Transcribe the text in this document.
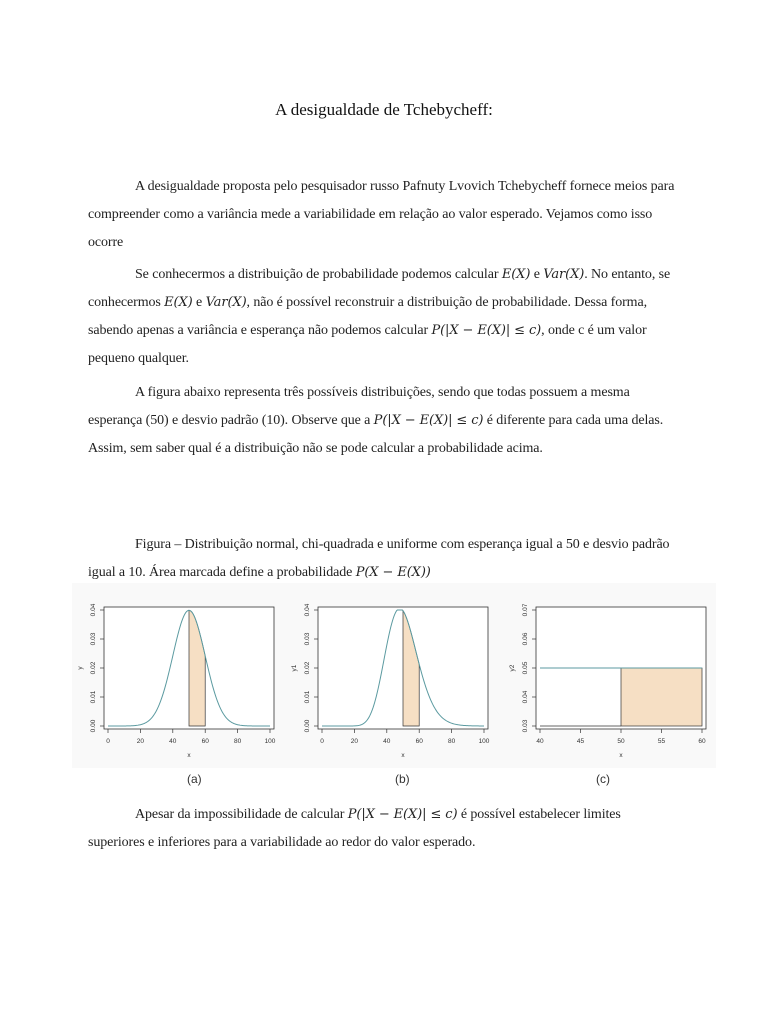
A desigualdade de Tchebycheff:

A desigualdade proposta pelo pesquisador russo Pafnuty Lvovich Tchebycheff fornece meios para compreender como a variância mede a variabilidade em relação ao valor esperado. Vejamos como isso ocorre

Se conhecermos a distribuição de probabilidade podemos calcular E(X) e Var(X). No entanto, se conhecermos E(X) e Var(X), não é possível reconstruir a distribuição de probabilidade. Dessa forma, sabendo apenas a variância e esperança não podemos calcular P(|X − E(X)| ≤ c), onde c é um valor pequeno qualquer.

A figura abaixo representa três possíveis distribuições, sendo que todas possuem a mesma esperança (50) e desvio padrão (10). Observe que a P(|X − E(X)| ≤ c) é diferente para cada uma delas. Assim, sem saber qual é a distribuição não se pode calcular a probabilidade acima.

Figura – Distribuição normal, chi-quadrada e uniforme com esperança igual a 50 e desvio padrão igual a 10. Área marcada define a probabilidade P(X − E(X))

0	20	40	60	80	100
0.00
0.01
0.02
0.03
0.04
x
y
0	20	40	60	80	100
0.00
0.01
0.02
0.03
0.04
x
y1
40	45	50	55	60
0.03
0.04
0.05
0.06
0.07
x
y2
(a)	(b)	(c)

Apesar da impossibilidade de calcular P(|X − E(X)| ≤ c) é possível estabelecer limites superiores e inferiores para a variabilidade ao redor do valor esperado.
